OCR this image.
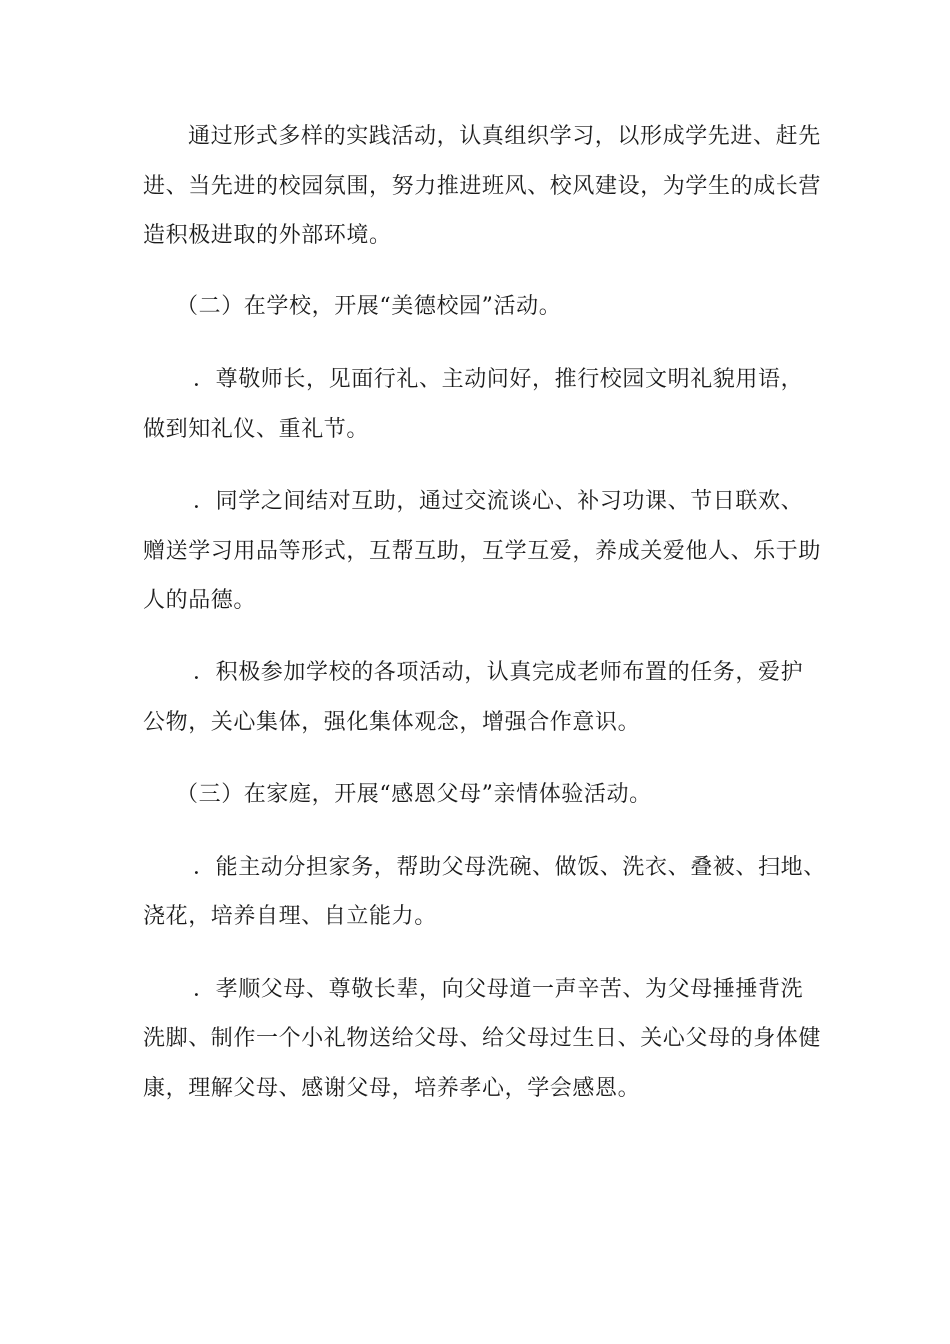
通过形式多样的实践活动，认真组织学习，以形成学先进、赶先

进、当先进的校园氛围，努力推进班风、校风建设，为学生的成长营

造积极进取的外部环境。

（二）在学校，开展“美德校园”活动。

．尊敬师长，见面行礼、主动问好，推行校园文明礼貌用语，

做到知礼仪、重礼节。

．同学之间结对互助，通过交流谈心、补习功课、节日联欢、

赠送学习用品等形式，互帮互助，互学互爱，养成关爱他人、乐于助

人的品德。

．积极参加学校的各项活动，认真完成老师布置的任务，爱护

公物，关心集体，强化集体观念，增强合作意识。

（三）在家庭，开展“感恩父母”亲情体验活动。

．能主动分担家务，帮助父母洗碗、做饭、洗衣、叠被、扫地、

浇花，培养自理、自立能力。

．孝顺父母、尊敬长辈，向父母道一声辛苦、为父母捶捶背洗

洗脚、制作一个小礼物送给父母、给父母过生日、关心父母的身体健

康，理解父母、感谢父母，培养孝心，学会感恩。
